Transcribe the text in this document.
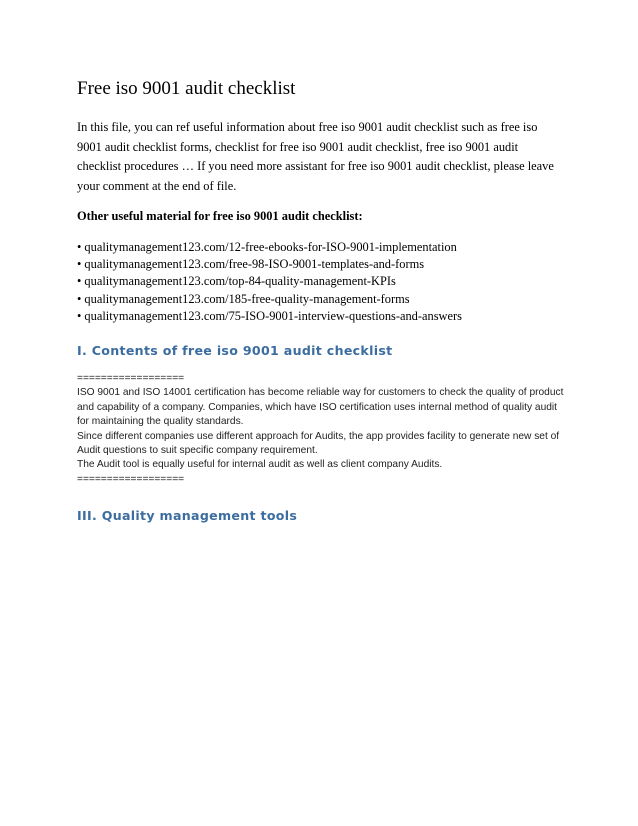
Free iso 9001 audit checklist

In this file, you can ref useful information about free iso 9001 audit checklist such as free iso 9001 audit checklist forms, checklist for free iso 9001 audit checklist, free iso 9001 audit checklist procedures … If you need more assistant for free iso 9001 audit checklist, please leave your comment at the end of file.

Other useful material for free iso 9001 audit checklist:

• qualitymanagement123.com/12-free-ebooks-for-ISO-9001-implementation
• qualitymanagement123.com/free-98-ISO-9001-templates-and-forms
• qualitymanagement123.com/top-84-quality-management-KPIs
• qualitymanagement123.com/185-free-quality-management-forms
• qualitymanagement123.com/75-ISO-9001-interview-questions-and-answers
I. Contents of free iso 9001 audit checklist

==================

ISO 9001 and ISO 14001 certification has become reliable way for customers to check the quality of product and capability of a company. Companies, which have ISO certification uses internal method of quality audit for maintaining the quality standards.

Since different companies use different approach for Audits, the app provides facility to generate new set of Audit questions to suit specific company requirement.

The Audit tool is equally useful for internal audit as well as client company Audits.

==================

III. Quality management tools
